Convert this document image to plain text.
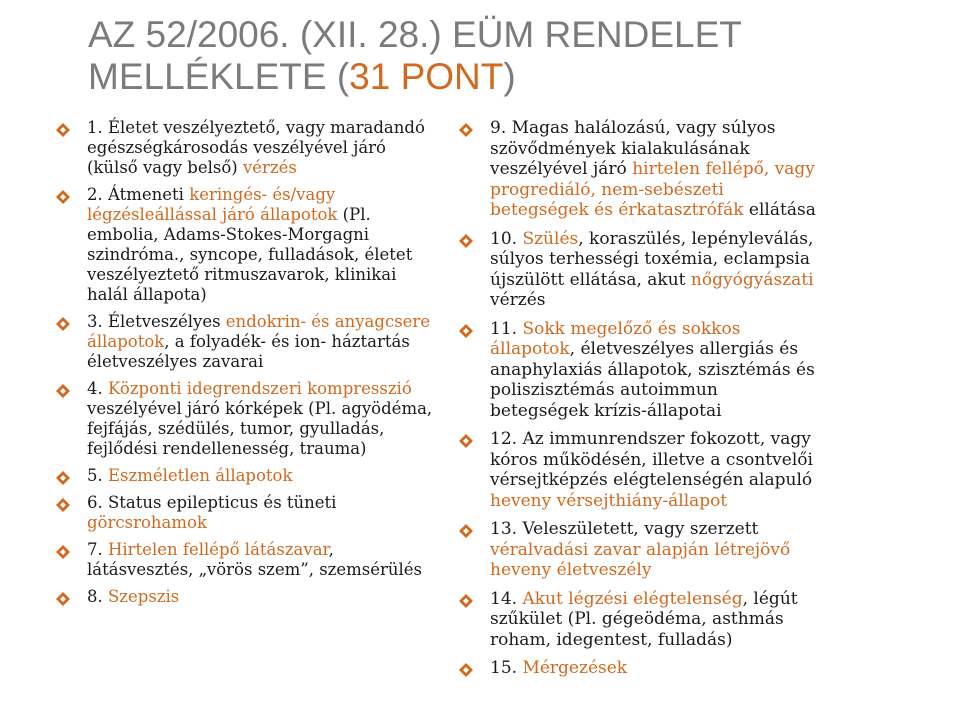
AZ 52/2006. (XII. 28.) EÜM RENDELET
MELLÉKLETE (31 PONT)
1. Életet veszélyeztető, vagy maradandó egészségkárosodás veszélyével járó (külső vagy belső) vérzés
2. Átmeneti keringés- és/vagy légzésleállással járó állapotok (Pl. embolia, Adams-Stokes-Morgagni szindróma., syncope, fulladások, életet veszélyeztető ritmuszavarok, klinikai halál állapota)
3. Életveszélyes endokrin- és anyagcsere állapotok, a folyadék- és ion- háztartás életveszélyes zavarai
4. Központi idegrendszeri kompresszió veszélyével járó kórképek (Pl. agyödéma, fejfájás, szédülés, tumor, gyulladás, fejlődési rendellenesség, trauma)
5. Eszméletlen állapotok
6. Status epilepticus és tüneti görcsrohamok
7. Hirtelen fellépő látászavar, látásvesztés, „vörös szem”, szemsérülés
8. Szepszis
9. Magas halálozású, vagy súlyos szövődmények kialakulásának veszélyével járó hirtelen fellépő, vagy progrediáló, nem-sebészeti betegségek és érkatasztrófák ellátása
10. Szülés, koraszülés, lepényleválás, súlyos terhességi toxémia, eclampsia újszülött ellátása, akut nőgyógyászati vérzés
11. Sokk megelőző és sokkos állapotok, életveszélyes allergiás és anaphylaxiás állapotok, szisztémás és poliszisztémás autoimmun betegségek krízis-állapotai
12. Az immunrendszer fokozott, vagy kóros működésén, illetve a csontvelői vérsejtképzés elégtelenségén alapuló heveny vérsejthiány-állapot
13. Veleszületett, vagy szerzett véralvadási zavar alapján létrejövő heveny életveszély
14. Akut légzési elégtelenség, légút szűkület (Pl. gégeödéma, asthmás roham, idegentest, fulladás)
15. Mérgezések
